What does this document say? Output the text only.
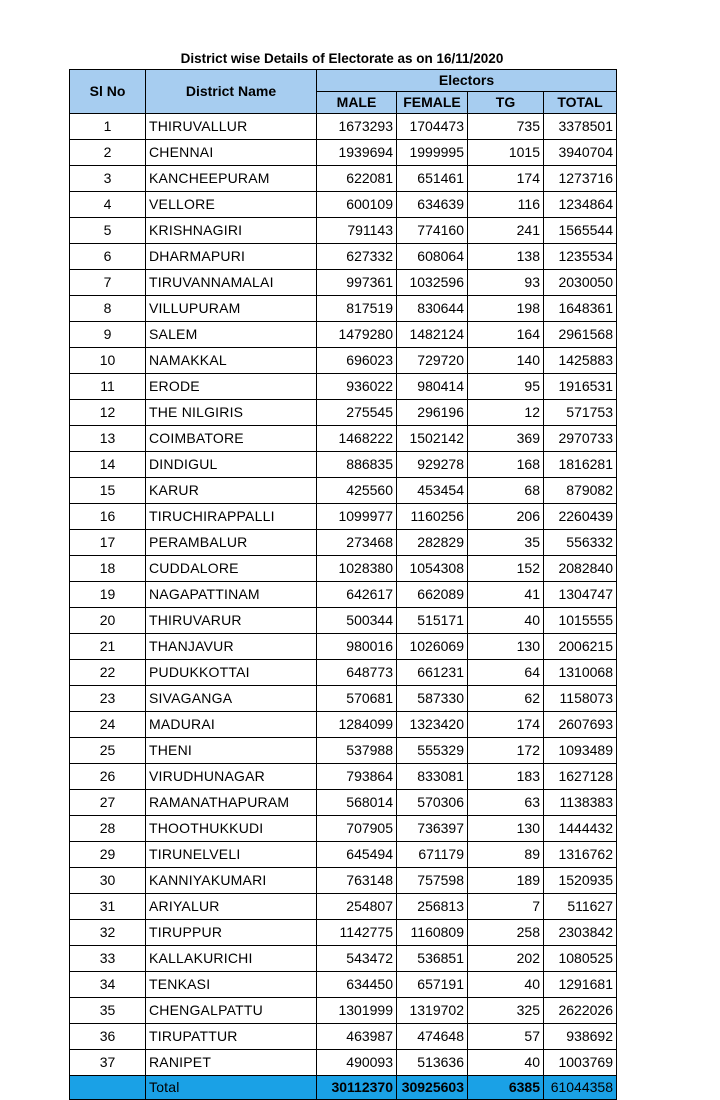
District wise Details of Electorate as on 16/11/2020
Sl No	District Name	Electors			
		MALE	FEMALE	TG	TOTAL
1	THIRUVALLUR	1673293	1704473	735	3378501
2	CHENNAI	1939694	1999995	1015	3940704
3	KANCHEEPURAM	622081	651461	174	1273716
4	VELLORE	600109	634639	116	1234864
5	KRISHNAGIRI	791143	774160	241	1565544
6	DHARMAPURI	627332	608064	138	1235534
7	TIRUVANNAMALAI	997361	1032596	93	2030050
8	VILLUPURAM	817519	830644	198	1648361
9	SALEM	1479280	1482124	164	2961568
10	NAMAKKAL	696023	729720	140	1425883
11	ERODE	936022	980414	95	1916531
12	THE NILGIRIS	275545	296196	12	571753
13	COIMBATORE	1468222	1502142	369	2970733
14	DINDIGUL	886835	929278	168	1816281
15	KARUR	425560	453454	68	879082
16	TIRUCHIRAPPALLI	1099977	1160256	206	2260439
17	PERAMBALUR	273468	282829	35	556332
18	CUDDALORE	1028380	1054308	152	2082840
19	NAGAPATTINAM	642617	662089	41	1304747
20	THIRUVARUR	500344	515171	40	1015555
21	THANJAVUR	980016	1026069	130	2006215
22	PUDUKKOTTAI	648773	661231	64	1310068
23	SIVAGANGA	570681	587330	62	1158073
24	MADURAI	1284099	1323420	174	2607693
25	THENI	537988	555329	172	1093489
26	VIRUDHUNAGAR	793864	833081	183	1627128
27	RAMANATHAPURAM	568014	570306	63	1138383
28	THOOTHUKKUDI	707905	736397	130	1444432
29	TIRUNELVELI	645494	671179	89	1316762
30	KANNIYAKUMARI	763148	757598	189	1520935
31	ARIYALUR	254807	256813	7	511627
32	TIRUPPUR	1142775	1160809	258	2303842
33	KALLAKURICHI	543472	536851	202	1080525
34	TENKASI	634450	657191	40	1291681
35	CHENGALPATTU	1301999	1319702	325	2622026
36	TIRUPATTUR	463987	474648	57	938692
37	RANIPET	490093	513636	40	1003769
	Total	30112370	30925603	6385	61044358
